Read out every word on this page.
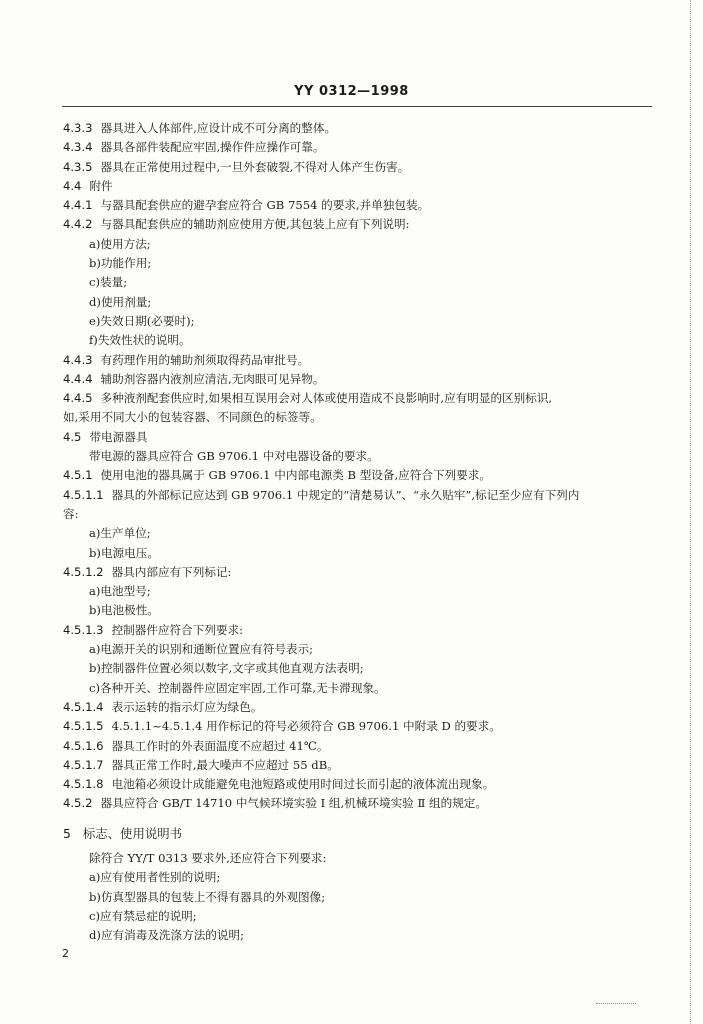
YY 0312—1998
4.3.3 器具进入人体部件,应设计成不可分离的整体。
4.3.4 器具各部件装配应牢固,操作件应操作可靠。
4.3.5 器具在正常使用过程中,一旦外套破裂,不得对人体产生伤害。
4.4 附件
4.4.1 与器具配套供应的避孕套应符合 GB 7554 的要求,并单独包装。
4.4.2 与器具配套供应的辅助剂应使用方便,其包装上应有下列说明:
a)使用方法;
b)功能作用;
c)装量;
d)使用剂量;
e)失效日期(必要时);
f)失效性状的说明。
4.4.3 有药理作用的辅助剂须取得药品审批号。
4.4.4 辅助剂容器内液剂应清洁,无肉眼可见异物。
4.4.5 多种液剂配套供应时,如果相互误用会对人体或使用造成不良影响时,应有明显的区别标识,
如,采用不同大小的包装容器、不同颜色的标签等。
4.5 带电源器具
带电源的器具应符合 GB 9706.1 中对电器设备的要求。
4.5.1 使用电池的器具属于 GB 9706.1 中内部电源类 B 型设备,应符合下列要求。
4.5.1.1 器具的外部标记应达到 GB 9706.1 中规定的“清楚易认”、“永久贴牢”,标记至少应有下列内
容:
a)生产单位;
b)电源电压。
4.5.1.2 器具内部应有下列标记:
a)电池型号;
b)电池极性。
4.5.1.3 控制器件应符合下列要求:
a)电源开关的识别和通断位置应有符号表示;
b)控制器件位置必须以数字,文字或其他直观方法表明;
c)各种开关、控制器件应固定牢固,工作可靠,无卡滞现象。
4.5.1.4 表示运转的指示灯应为绿色。
4.5.1.5 4.5.1.1~4.5.1.4 用作标记的符号必须符合 GB 9706.1 中附录 D 的要求。
4.5.1.6 器具工作时的外表面温度不应超过 41℃。
4.5.1.7 器具正常工作时,最大噪声不应超过 55 dB。
4.5.1.8 电池箱必须设计成能避免电池短路或使用时间过长而引起的液体流出现象。
4.5.2 器具应符合 GB/T 14710 中气候环境实验 Ⅰ 组,机械环境实验 Ⅱ 组的规定。
5 标志、使用说明书
除符合 YY/T 0313 要求外,还应符合下列要求:
a)应有使用者性别的说明;
b)仿真型器具的包装上不得有器具的外观图像;
c)应有禁忌症的说明;
d)应有消毒及洗涤方法的说明;
2
